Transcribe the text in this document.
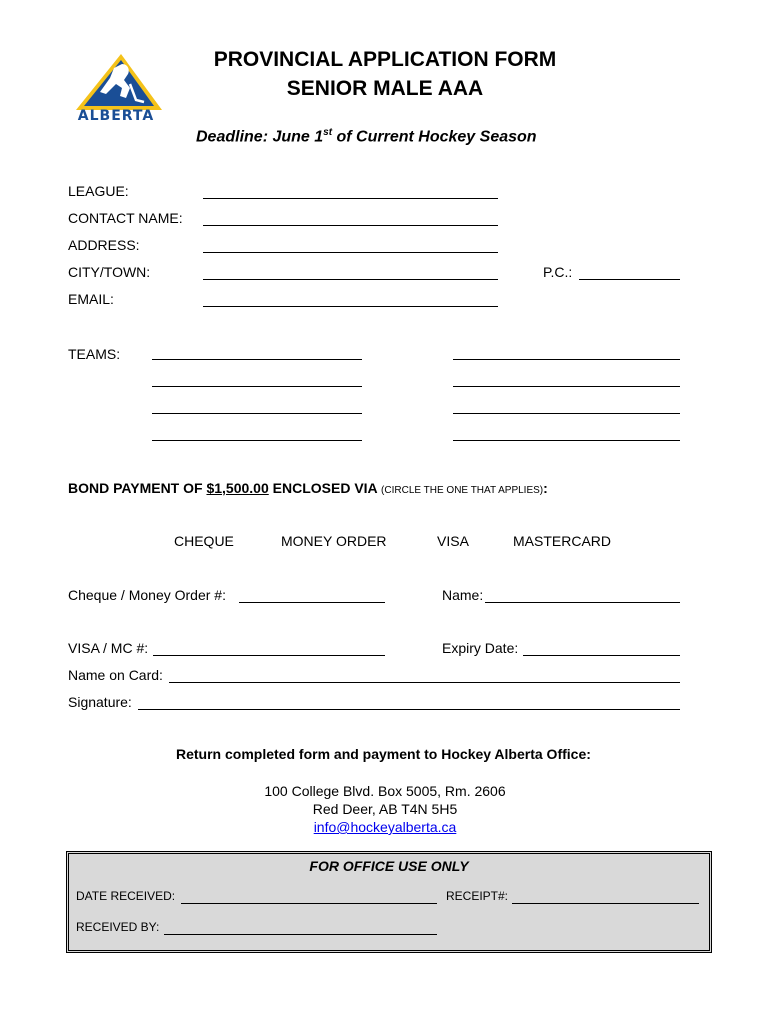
ALBERTA
PROVINCIAL APPLICATION FORM
SENIOR MALE AAA
Deadline: June 1st of Current Hockey Season
LEAGUE:
CONTACT NAME:
ADDRESS:
CITY/TOWN:	P.C.:
EMAIL:
TEAMS:
BOND PAYMENT OF $1,500.00 ENCLOSED VIA (CIRCLE THE ONE THAT APPLIES):
CHEQUE	MONEY ORDER	VISA	MASTERCARD
Cheque / Money Order #:	Name:
VISA / MC #:	Expiry Date:
Name on Card:
Signature:
Return completed form and payment to Hockey Alberta Office:
100 College Blvd. Box 5005, Rm. 2606
Red Deer, AB T4N 5H5
info@hockeyalberta.ca
FOR OFFICE USE ONLY
DATE RECEIVED:	RECEIPT#:
RECEIVED BY:
